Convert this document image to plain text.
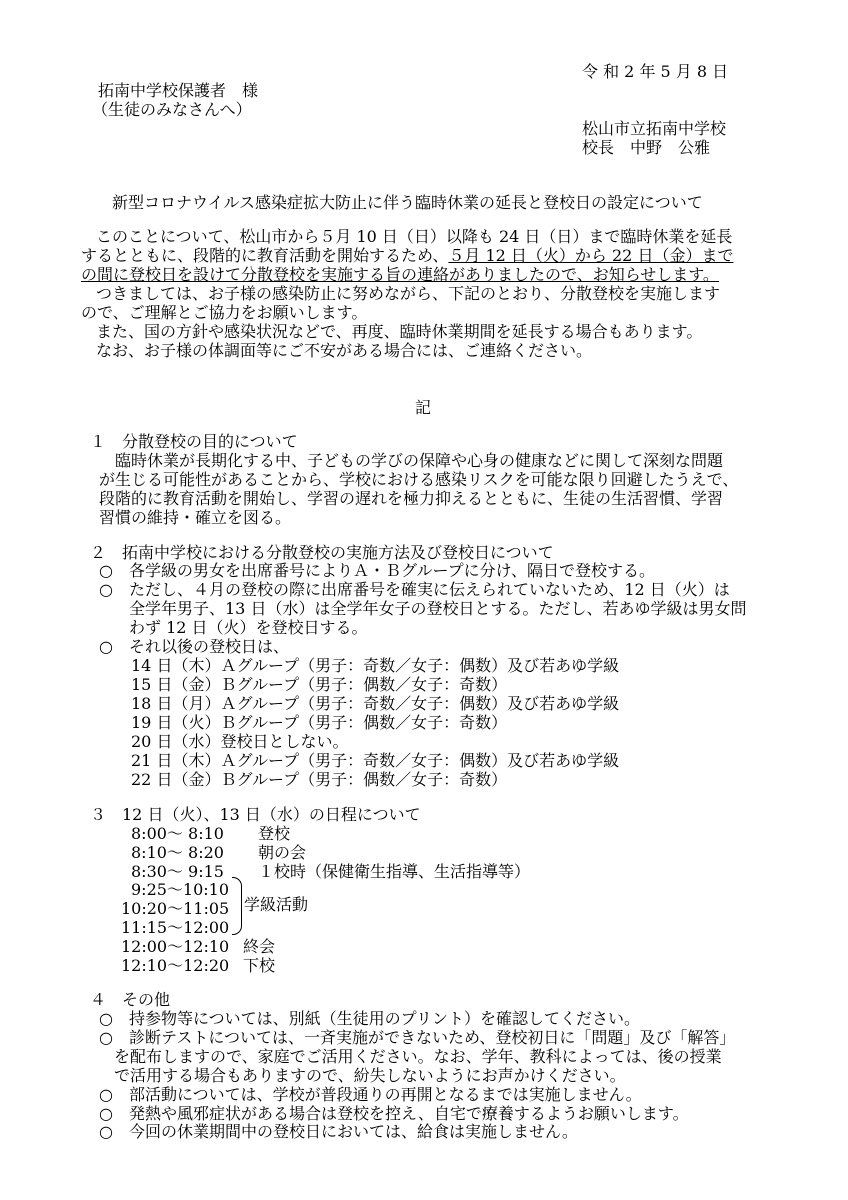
令 和 2 年 5 月 8 日
拓南中学校保護者　様
（生徒のみなさんへ）
松山市立拓南中学校
校長　中野　公雅
新型コロナウイルス感染症拡大防止に伴う臨時休業の延長と登校日の設定について
このことについて、松山市から５月 10 日（日）以降も 24 日（日）まで臨時休業を延長
するとともに、段階的に教育活動を開始するため、５月 12 日（火）から 22 日（金）まで
の間に登校日を設けて分散登校を実施する旨の連絡がありましたので、お知らせします。
つきましては、お子様の感染防止に努めながら、下記のとおり、分散登校を実施します
ので、ご理解とご協力をお願いします。
また、国の方針や感染状況などで、再度、臨時休業期間を延長する場合もあります。
なお、お子様の体調面等にご不安がある場合には、ご連絡ください。
記
１　分散登校の目的について
臨時休業が長期化する中、子どもの学びの保障や心身の健康などに関して深刻な問題
が生じる可能性があることから、学校における感染リスクを可能な限り回避したうえで、
段階的に教育活動を開始し、学習の遅れを極力抑えるとともに、生徒の生活習慣、学習
習慣の維持・確立を図る。
２　拓南中学校における分散登校の実施方法及び登校日について
○　各学級の男女を出席番号によりＡ・Ｂグループに分け、隔日で登校する。
○　ただし、４月の登校の際に出席番号を確実に伝えられていないため、12 日（火）は
全学年男子、13 日（水）は全学年女子の登校日とする。ただし、若あゆ学級は男女問
わず 12 日（火）を登校日する。
○　それ以後の登校日は、
14 日（木）Ａグループ（男子：奇数／女子：偶数）及び若あゆ学級
15 日（金）Ｂグループ（男子：偶数／女子：奇数）
18 日（月）Ａグループ（男子：奇数／女子：偶数）及び若あゆ学級
19 日（火）Ｂグループ（男子：偶数／女子：奇数）
20 日（水）登校日としない。
21 日（木）Ａグループ（男子：奇数／女子：偶数）及び若あゆ学級
22 日（金）Ｂグループ（男子：偶数／女子：奇数）
３　12 日（火）、13 日（水）の日程について
8:00～ 8:10 登校
8:10～ 8:20 朝の会
8:30～ 9:15 １校時（保健衛生指導、生活指導等）
9:25～10:10
10:20～11:05
11:15～12:00
学級活動
12:00～12:10 終会
12:10～12:20 下校
４　その他
○　持参物等については、別紙（生徒用のプリント）を確認してください。
○　診断テストについては、一斉実施ができないため、登校初日に「問題」及び「解答」
を配布しますので、家庭でご活用ください。なお、学年、教科によっては、後の授業
で活用する場合もありますので、紛失しないようにお声かけください。
○　部活動については、学校が普段通りの再開となるまでは実施しません。
○　発熱や風邪症状がある場合は登校を控え、自宅で療養するようお願いします。
○　今回の休業期間中の登校日においては、給食は実施しません。
